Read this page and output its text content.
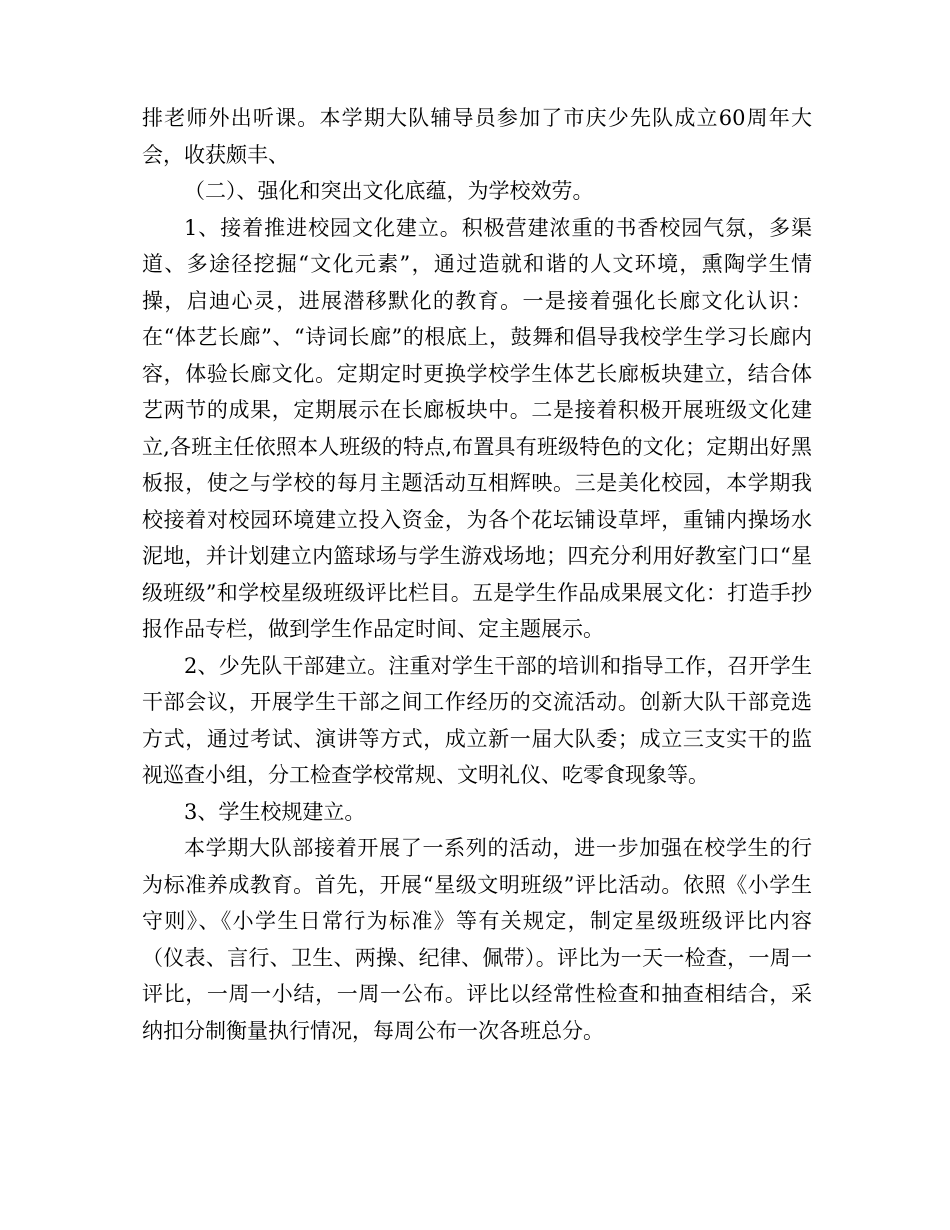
排老师外出听课。本学期大队辅导员参加了市庆少先队成立60周年大会，收获颇丰、

（二）、强化和突出文化底蕴，为学校效劳。

1、接着推进校园文化建立。积极营建浓重的书香校园气氛，多渠道、多途径挖掘“文化元素”，通过造就和谐的人文环境，熏陶学生情操，启迪心灵，进展潜移默化的教育。一是接着强化长廊文化认识：在“体艺长廊”、“诗词长廊”的根底上，鼓舞和倡导我校学生学习长廊内容，体验长廊文化。定期定时更换学校学生体艺长廊板块建立，结合体艺两节的成果，定期展示在长廊板块中。二是接着积极开展班级文化建立,各班主任依照本人班级的特点,布置具有班级特色的文化；定期出好黑板报，使之与学校的每月主题活动互相辉映。三是美化校园，本学期我校接着对校园环境建立投入资金，为各个花坛铺设草坪，重铺内操场水泥地，并计划建立内篮球场与学生游戏场地；四充分利用好教室门口“星级班级”和学校星级班级评比栏目。五是学生作品成果展文化：打造手抄报作品专栏，做到学生作品定时间、定主题展示。

2、少先队干部建立。注重对学生干部的培训和指导工作，召开学生干部会议，开展学生干部之间工作经历的交流活动。创新大队干部竞选方式，通过考试、演讲等方式，成立新一届大队委；成立三支实干的监视巡查小组，分工检查学校常规、文明礼仪、吃零食现象等。

3、学生校规建立。

本学期大队部接着开展了一系列的活动，进一步加强在校学生的行为标准养成教育。首先，开展“星级文明班级”评比活动。依照《小学生守则》、《小学生日常行为标准》等有关规定，制定星级班级评比内容（仪表、言行、卫生、两操、纪律、佩带）。评比为一天一检查，一周一评比，一周一小结，一周一公布。评比以经常性检查和抽查相结合，采纳扣分制衡量执行情况，每周公布一次各班总分。
